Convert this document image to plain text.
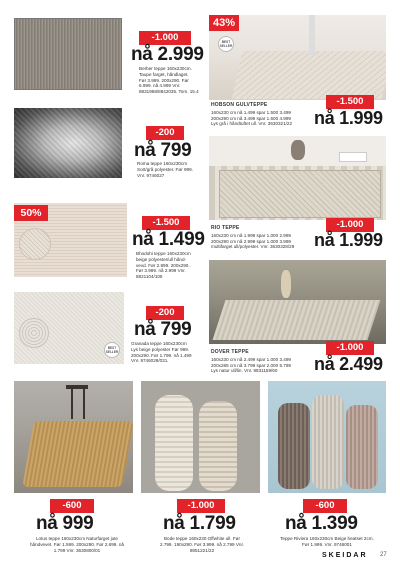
-1.000
nå 2.999
Berber teppe 160x230cm.
Taupe farget, håndlaget.
Før 3.999. 200x290. Før
6.999. nå 4.999 Vnr.
8831968/8842035. Tom. 15.4
43%
BEST
SELLER
HOBSON GULVTEPPE
160x230 cm nå 1.499 spar 1.500 3.499
200x290 cm nå 3.499 spar 1.500 4.999
Lys grå i håndtuftet ull. Vnr. 3630321/22
-1.500
nå 1.999
-200
nå 799
Roma teppe 160x230cm
Sort/grå polyester. Før 999.
Vnr. 9746027
RIO TEPPE
160x230 cm nå 1.999 spar 1.000 2.999
200x290 cm nå 2.999 spar 1.000 3.999
multifarget ull/polyester. Vnr. 3630328/29
-1.000
nå 1.999
50%
-1.500
nå 1.499
Bhodohi teppe 160x230cm
beige polyester/ull hånd-
vevd. Før 2.999. 200x290.
Før 3.999. nå 2.999 Vnr.
8821104/105
DOVER TEPPE
160x230 cm nå 2.499 spar 1.000 3.499
200x285 cm nå 3.799 spar 2.000 5.799
Lys natur ull/lin. Vnr. 8831159/60
-1.000
nå 2.499
BEST
SELLER
-200
nå 799
Granada teppe 160x230cm
Lys beige polyester Før 999.
200x290. Før 1.799. nå 1.499
Vnr. 9746028/031.
-600
nå 999
Lotus teppe 160x230cm Naturfarget jute
håndvevet. Før 1.599. 200x290. Før 2.699. nå
1.799 Vnr. 3630800/01
-1.000
nå 1.799
Bode teppe 160x230 Offwhite ull. Før
2.799. 190x290. Før 3.999. nå 2.799 Vnr.
8851221/22
-600
nå 1.399
Teppe Riviera 160x230cm Beige heatset 2cm.
Før 1.999. Vnr. 9746001
SKEIDAR 27
